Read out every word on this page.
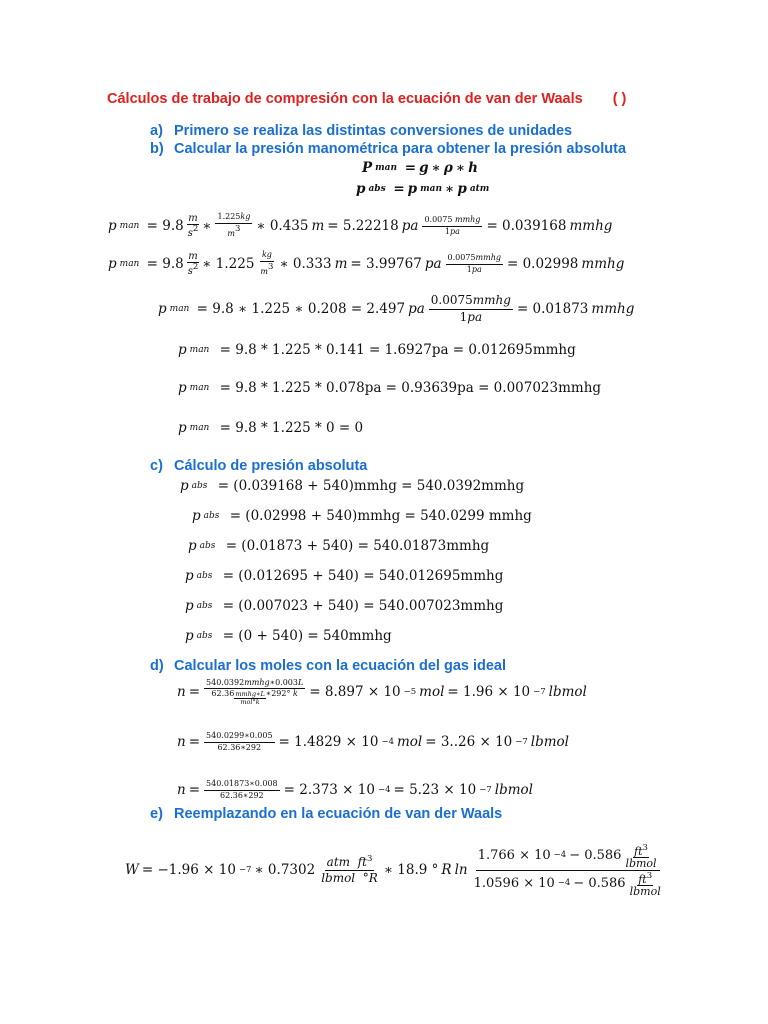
Cálculos de trabajo de compresión con la ecuación de van der Waals ( )
a) Primero se realiza las distintas conversiones de unidades
b) Calcular la presión manométrica para obtener la presión absoluta
P man = g ∗ ρ ∗ h
p abs = p man ∗ p atm
p man = $9.8 \frac{m}{s^2}$ ∗ $\frac{1.225kg}{m^3}$ ∗ 0.435 m = 5.22218 pa $\frac{\text{0.0075 mmhg}}{1pa} = 0.039168$ mmhg
p man = $9.8 \frac{m}{s^2}$ ∗ $1.225 \frac{kg}{m^3}$ ∗ 0.333 m = 3.99767 pa $\frac{\text{0.0075mmhg}}{1pa} = 0.02998$ mmhg
p man = 9.8 ∗ 1.225 ∗ 0.208 = 2.497 pa $\frac{\text{0.0075mmhg}}{1pa} = 0.01873$ mmhg
p man
= 9.8 * 1.225 * 0.141 = 1.6927pa = 0.012695mmhg
p man
= 9.8 * 1.225 * 0.078pa = 0.93639pa = 0.007023mmhg
p man
= 9.8 * 1.225 * 0 = 0
c) Cálculo de presión absoluta
p abs
= (0.039168 + 540)mmhg = 540.0392mmhg
p abs
= (0.02998 + 540)mmhg = 540.0299 mmhg
p abs
= (0.01873 + 540) = 540.01873mmhg
p abs
= (0.012695 + 540) = 540.012695mmhg
p abs
= (0.007023 + 540) = 540.007023mmhg
p abs
= (0 + 540) = 540mmhg
d) Calcular los moles con la ecuación del gas ideal
$n = \frac{\text{540.0392mmhg∗0.003L}}{62.36 \frac{\text{mmhg∗L}}{\text{mol°k}} ∗292^\circ k} = 8.897 \times 10 -5$ mol = 1.96 × 10 −7 lbmol
$n = \frac{540.0299∗0.005}{62.36∗292} = 1.4829 \times 10 -4$ mol = 3..26 × 10 −7 lbmol
$n = \frac{540.01873∗0.008}{62.36∗292} = 2.373 \times 10 -4 = 5.23 \times 10 -7$ lbmol
e) Reemplazando en la ecuación de van der Waals
W = −1.96 × 10 −7 ∗ $0.7302 \frac{atm ft^3}{\text{lbmol  °R}}$ ∗ 18.9 ° R $\ln \frac{1.766 \times 10 -4 - 0.586 \frac{ft^3}{\text{lbmol}}}{1.0596 \times 10 -4 - 0.586 \frac{ft^3}{\text{lbmol}}}$
